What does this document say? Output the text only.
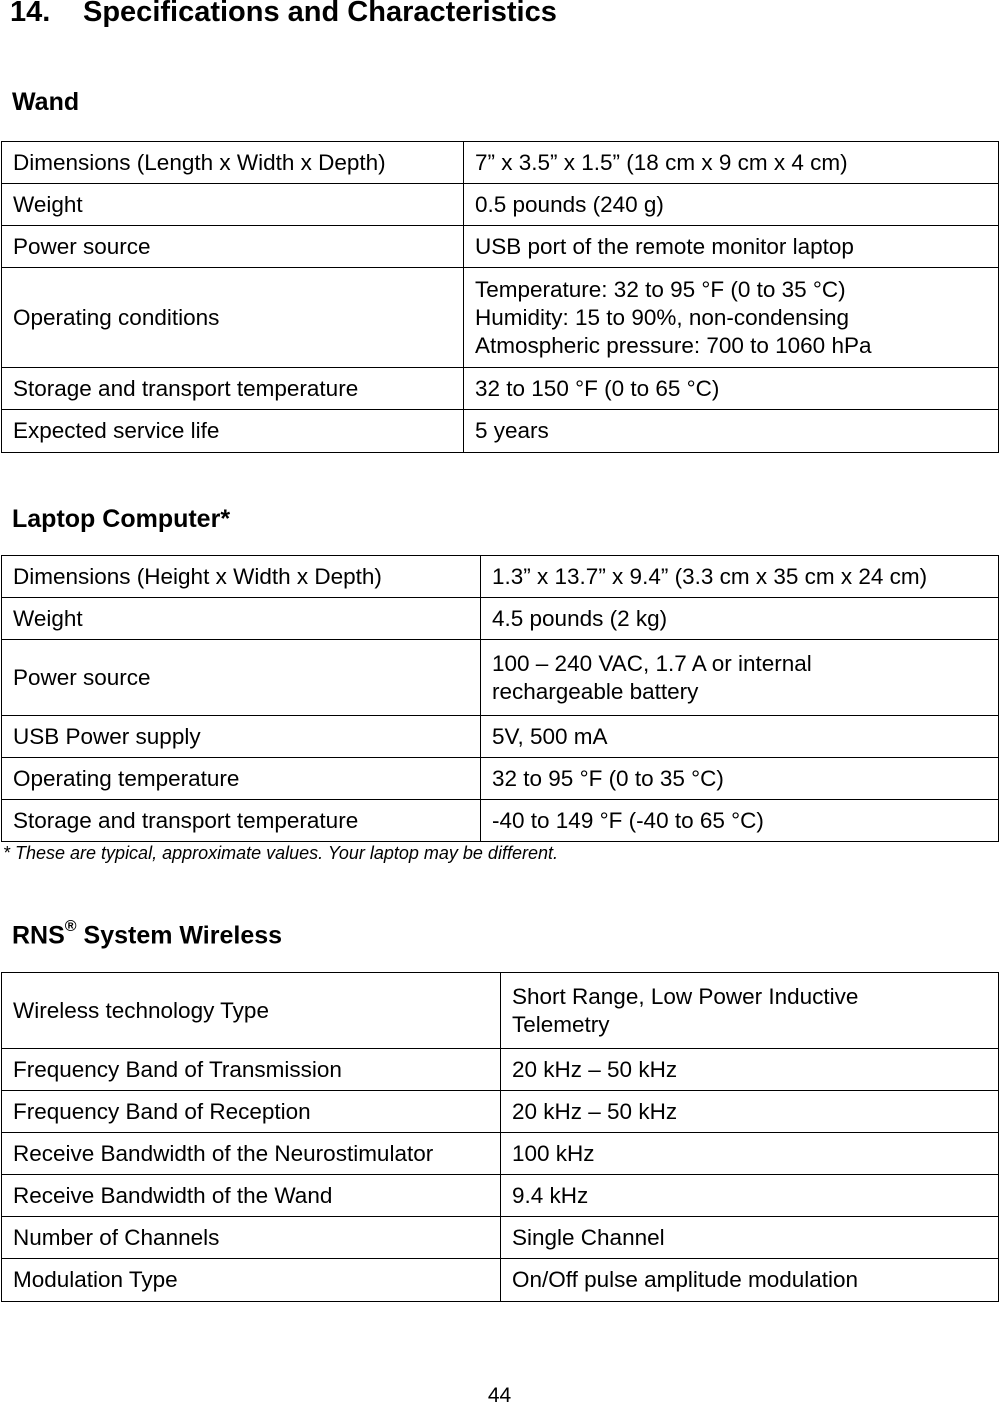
14. Specifications and Characteristics
Wand
Dimensions (Length x Width x Depth)	7” x 3.5” x 1.5” (18 cm x 9 cm x 4 cm)
Weight	0.5 pounds (240 g)
Power source	USB port of the remote monitor laptop
Operating conditions	Temperature: 32 to 95 °F (0 to 35 °C)
Humidity: 15 to 90%, non-condensing
Atmospheric pressure: 700 to 1060 hPa

Storage and transport temperature	32 to 150 °F (0 to 65 °C)
Expected service life	5 years
Laptop Computer*
Dimensions (Height x Width x Depth)	1.3” x 13.7” x 9.4” (3.3 cm x 35 cm x 24 cm)
Weight	4.5 pounds (2 kg)
Power source	100 – 240 VAC, 1.7 A or internal rechargeable battery
USB Power supply	5V, 500 mA
Operating temperature	32 to 95 °F (0 to 35 °C)
Storage and transport temperature	-40 to 149 °F (-40 to 65 °C)

* These are typical, approximate values. Your laptop may be different.

RNS® System Wireless
Wireless technology Type	Short Range, Low Power Inductive Telemetry
Frequency Band of Transmission	20 kHz – 50 kHz
Frequency Band of Reception	20 kHz – 50 kHz
Receive Bandwidth of the Neurostimulator	100 kHz
Receive Bandwidth of the Wand	9.4 kHz
Number of Channels	Single Channel
Modulation Type	On/Off pulse amplitude modulation

44
